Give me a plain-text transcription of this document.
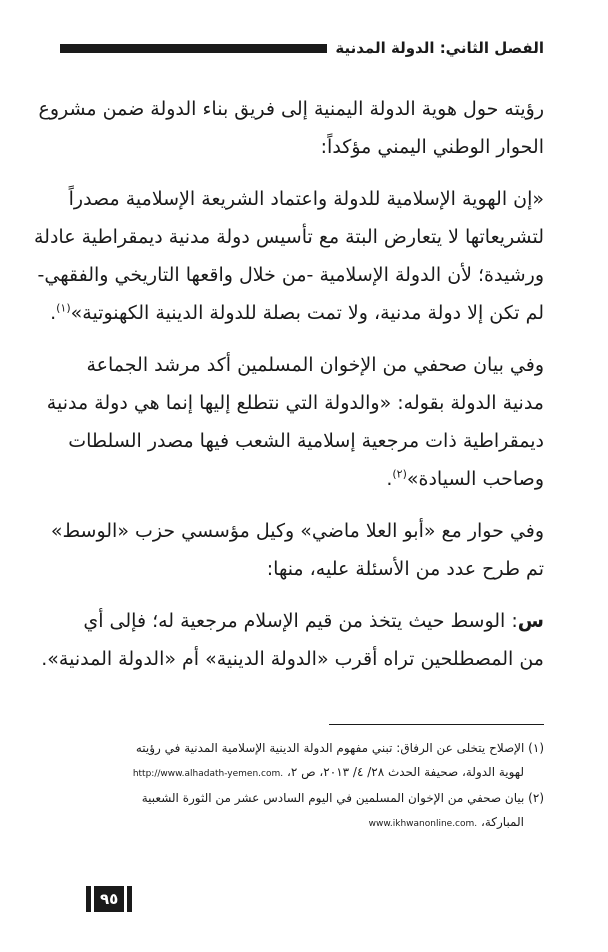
الفصل الثاني: الدولة المدنية

رؤيته حول هوية الدولة اليمنية إلى فريق بناء الدولة ضمن مشروع
الحوار الوطني اليمني مؤكداً:

«إن الهوية الإسلامية للدولة واعتماد الشريعة الإسلامية مصدراً
لتشريعاتها لا يتعارض البتة مع تأسيس دولة مدنية ديمقراطية عادلة
ورشيدة؛ لأن الدولة الإسلامية -من خلال واقعها التاريخي والفقهي-
لم تكن إلا دولة مدنية، ولا تمت بصلة للدولة الدينية الكهنوتية»$^{(١)}$.

وفي بيان صحفي من الإخوان المسلمين أكد مرشد الجماعة
مدنية الدولة بقوله: «والدولة التي نتطلع إليها إنما هي دولة مدنية
ديمقراطية ذات مرجعية إسلامية الشعب فيها مصدر السلطات
وصاحب السيادة»$^{(٢)}$.

وفي حوار مع «أبو العلا ماضي» وكيل مؤسسي حزب «الوسط»
تم طرح عدد من الأسئلة عليه، منها:

س: الوسط حيث يتخذ من قيم الإسلام مرجعية له؛ فإلى أي
من المصطلحين تراه أقرب «الدولة الدينية» أم «الدولة المدنية».

(١) الإصلاح يتخلى عن الرفاق: تبني مفهوم الدولة الدينية الإسلامية المدنية في رؤيته
لهوية الدولة، صحيفة الحدث ٢٨/ ٤/ ٢٠١٣، ص ٢، http://www.alhadath-yemen.com.

(٢) بيان صحفي من الإخوان المسلمين في اليوم السادس عشر من الثورة الشعبية
المباركة، www.ikhwanonline.com.

٩٥
